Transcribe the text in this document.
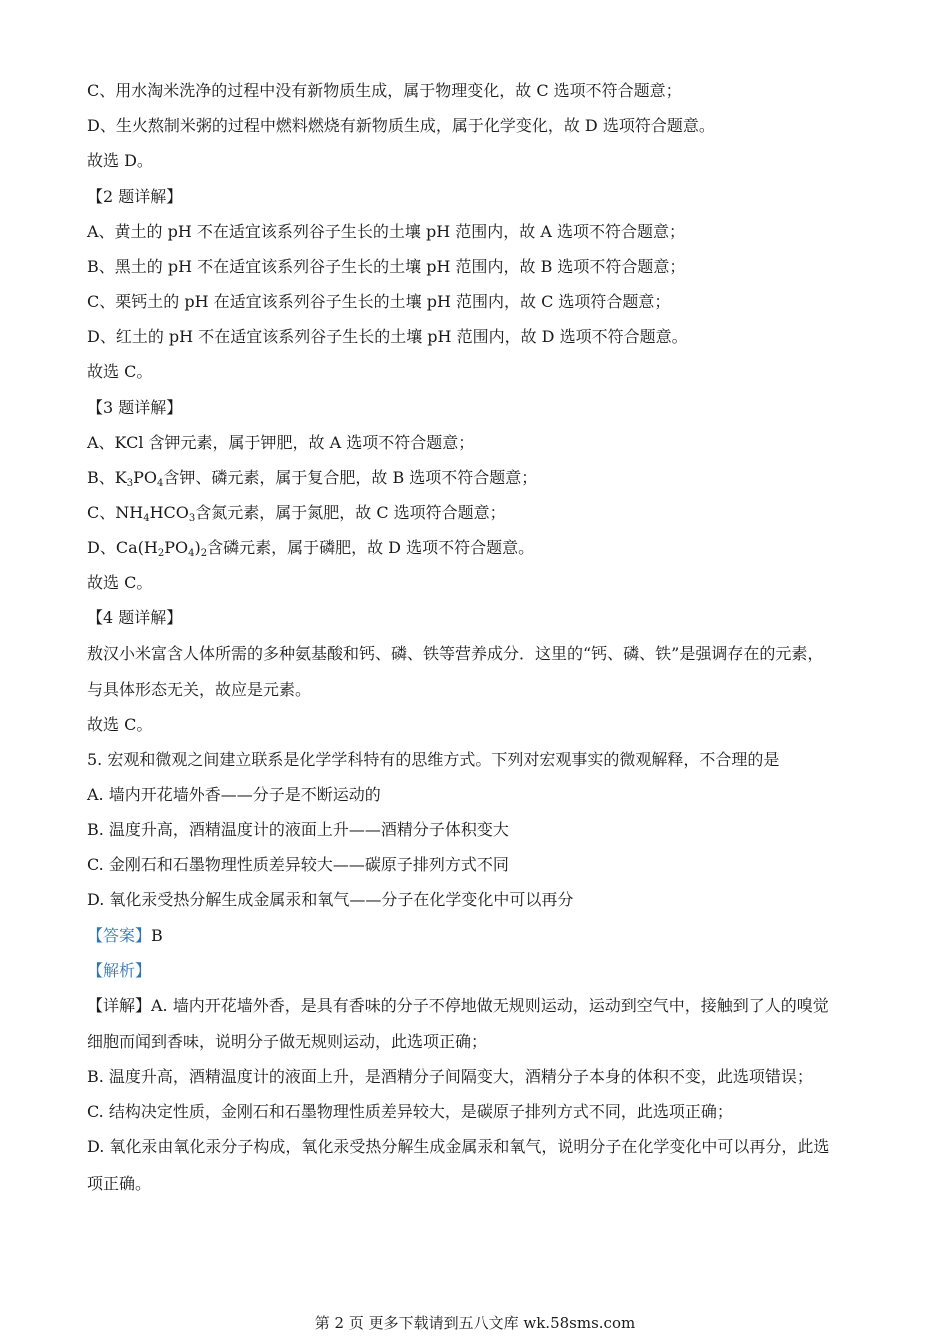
C、用水淘米洗净的过程中没有新物质生成，属于物理变化，故 C 选项不符合题意；
D、生火熬制米粥的过程中燃料燃烧有新物质生成，属于化学变化，故 D 选项符合题意。
故选 D。
【2 题详解】
A、黄土的 pH 不在适宜该系列谷子生长的土壤 pH 范围内，故 A 选项不符合题意；
B、黑土的 pH 不在适宜该系列谷子生长的土壤 pH 范围内，故 B 选项不符合题意；
C、栗钙土的 pH 在适宜该系列谷子生长的土壤 pH 范围内，故 C 选项符合题意；
D、红土的 pH 不在适宜该系列谷子生长的土壤 pH 范围内，故 D 选项不符合题意。
故选 C。
【3 题详解】
A、KCl 含钾元素，属于钾肥，故 A 选项不符合题意；
B、$K_3PO_4$含钾、磷元素，属于复合肥，故 B 选项不符合题意；
C、$NH_4HCO_3$含氮元素，属于氮肥，故 C 选项符合题意；
D、$Ca(H_2PO_4)_2$含磷元素，属于磷肥，故 D 选项不符合题意。
故选 C。
【4 题详解】
敖汉小米富含人体所需的多种氨基酸和钙、磷、铁等营养成分．这里的“钙、磷、铁”是强调存在的元素，
与具体形态无关，故应是元素。
故选 C。
5. 宏观和微观之间建立联系是化学学科特有的思维方式。下列对宏观事实的微观解释，不合理的是
A. 墙内开花墙外香——分子是不断运动的
B. 温度升高，酒精温度计的液面上升——酒精分子体积变大
C. 金刚石和石墨物理性质差异较大——碳原子排列方式不同
D. 氧化汞受热分解生成金属汞和氧气——分子在化学变化中可以再分
【答案】B
【解析】
【详解】A. 墙内开花墙外香，是具有香味的分子不停地做无规则运动，运动到空气中，接触到了人的嗅觉
细胞而闻到香味，说明分子做无规则运动，此选项正确；
B. 温度升高，酒精温度计的液面上升，是酒精分子间隔变大，酒精分子本身的体积不变，此选项错误；
C. 结构决定性质，金刚石和石墨物理性质差异较大，是碳原子排列方式不同，此选项正确；
D. 氧化汞由氧化汞分子构成，氧化汞受热分解生成金属汞和氧气，说明分子在化学变化中可以再分，此选
项正确。
第 2 页 更多下载请到五八文库 wk.58sms.com
